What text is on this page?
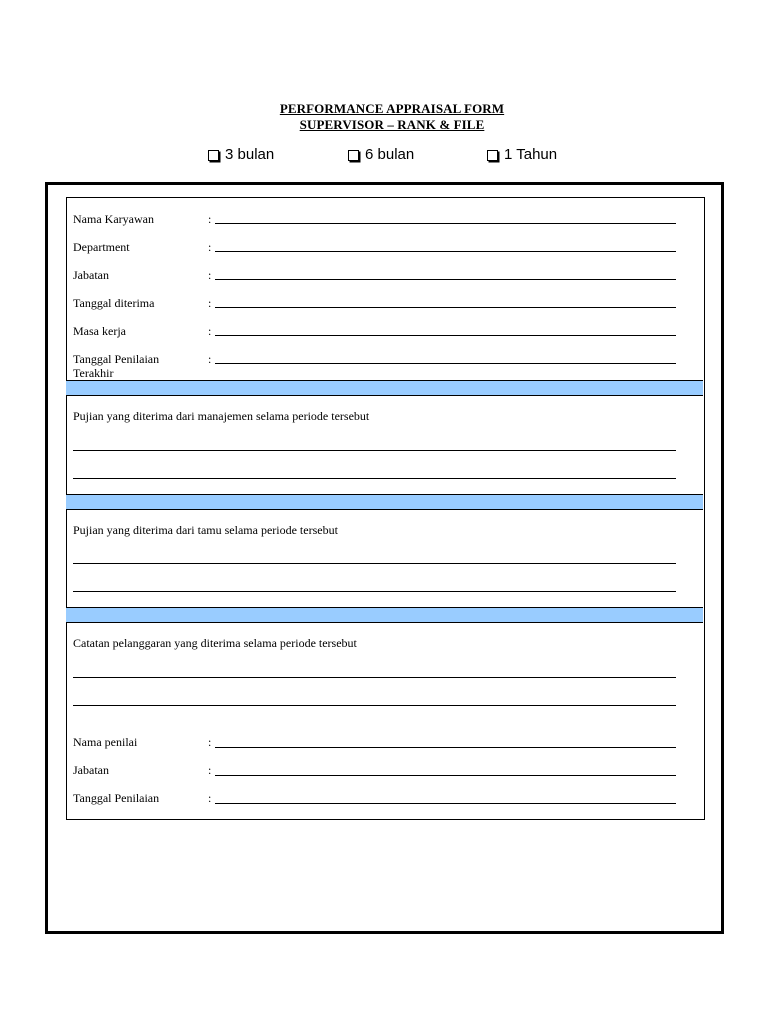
PERFORMANCE APPRAISAL FORM
SUPERVISOR – RANK & FILE
3 bulan	6 bulan	1 Tahun
Nama Karyawan	:
Department	:
Jabatan	:
Tanggal diterima	:
Masa kerja	:
Tanggal Penilaian Terakhir
:
Pujian yang diterima dari manajemen selama periode tersebut
Pujian yang diterima dari tamu selama periode tersebut
Catatan pelanggaran yang diterima selama periode tersebut
Nama penilai	:
Jabatan	:
Tanggal Penilaian	:
